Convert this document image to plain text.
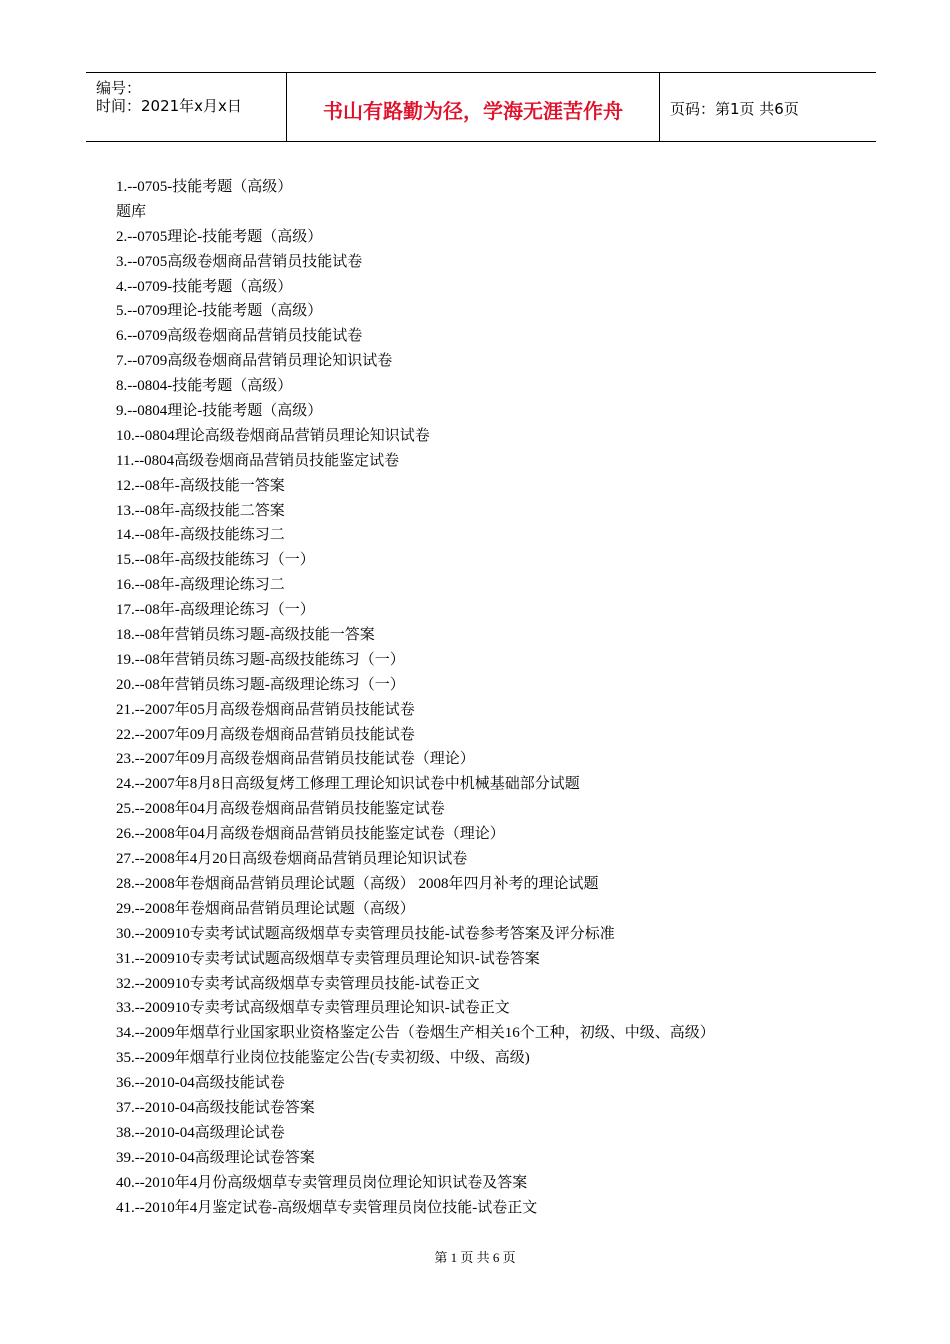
编号：
时间：2021年x月x日	书山有路勤为径，学海无涯苦作舟	页码：第1页 共6页
1.--0705-技能考题（高级）
题库
2.--0705理论-技能考题（高级）
3.--0705高级卷烟商品营销员技能试卷
4.--0709-技能考题（高级）
5.--0709理论-技能考题（高级）
6.--0709高级卷烟商品营销员技能试卷
7.--0709高级卷烟商品营销员理论知识试卷
8.--0804-技能考题（高级）
9.--0804理论-技能考题（高级）
10.--0804理论高级卷烟商品营销员理论知识试卷
11.--0804高级卷烟商品营销员技能鉴定试卷
12.--08年-高级技能一答案
13.--08年-高级技能二答案
14.--08年-高级技能练习二
15.--08年-高级技能练习（一）
16.--08年-高级理论练习二
17.--08年-高级理论练习（一）
18.--08年营销员练习题-高级技能一答案
19.--08年营销员练习题-高级技能练习（一）
20.--08年营销员练习题-高级理论练习（一）
21.--2007年05月高级卷烟商品营销员技能试卷
22.--2007年09月高级卷烟商品营销员技能试卷
23.--2007年09月高级卷烟商品营销员技能试卷（理论）
24.--2007年8月8日高级复烤工修理工理论知识试卷中机械基础部分试题
25.--2008年04月高级卷烟商品营销员技能鉴定试卷
26.--2008年04月高级卷烟商品营销员技能鉴定试卷（理论）
27.--2008年4月20日高级卷烟商品营销员理论知识试卷
28.--2008年卷烟商品营销员理论试题（高级） 2008年四月补考的理论试题
29.--2008年卷烟商品营销员理论试题（高级）
30.--200910专卖考试试题高级烟草专卖管理员技能-试卷参考答案及评分标准
31.--200910专卖考试试题高级烟草专卖管理员理论知识-试卷答案
32.--200910专卖考试高级烟草专卖管理员技能-试卷正文
33.--200910专卖考试高级烟草专卖管理员理论知识-试卷正文
34.--2009年烟草行业国家职业资格鉴定公告（卷烟生产相关16个工种，初级、中级、高级）
35.--2009年烟草行业岗位技能鉴定公告(专卖初级、中级、高级)
36.--2010-04高级技能试卷
37.--2010-04高级技能试卷答案
38.--2010-04高级理论试卷
39.--2010-04高级理论试卷答案
40.--2010年4月份高级烟草专卖管理员岗位理论知识试卷及答案
41.--2010年4月鉴定试卷-高级烟草专卖管理员岗位技能-试卷正文
第 1 页 共 6 页
